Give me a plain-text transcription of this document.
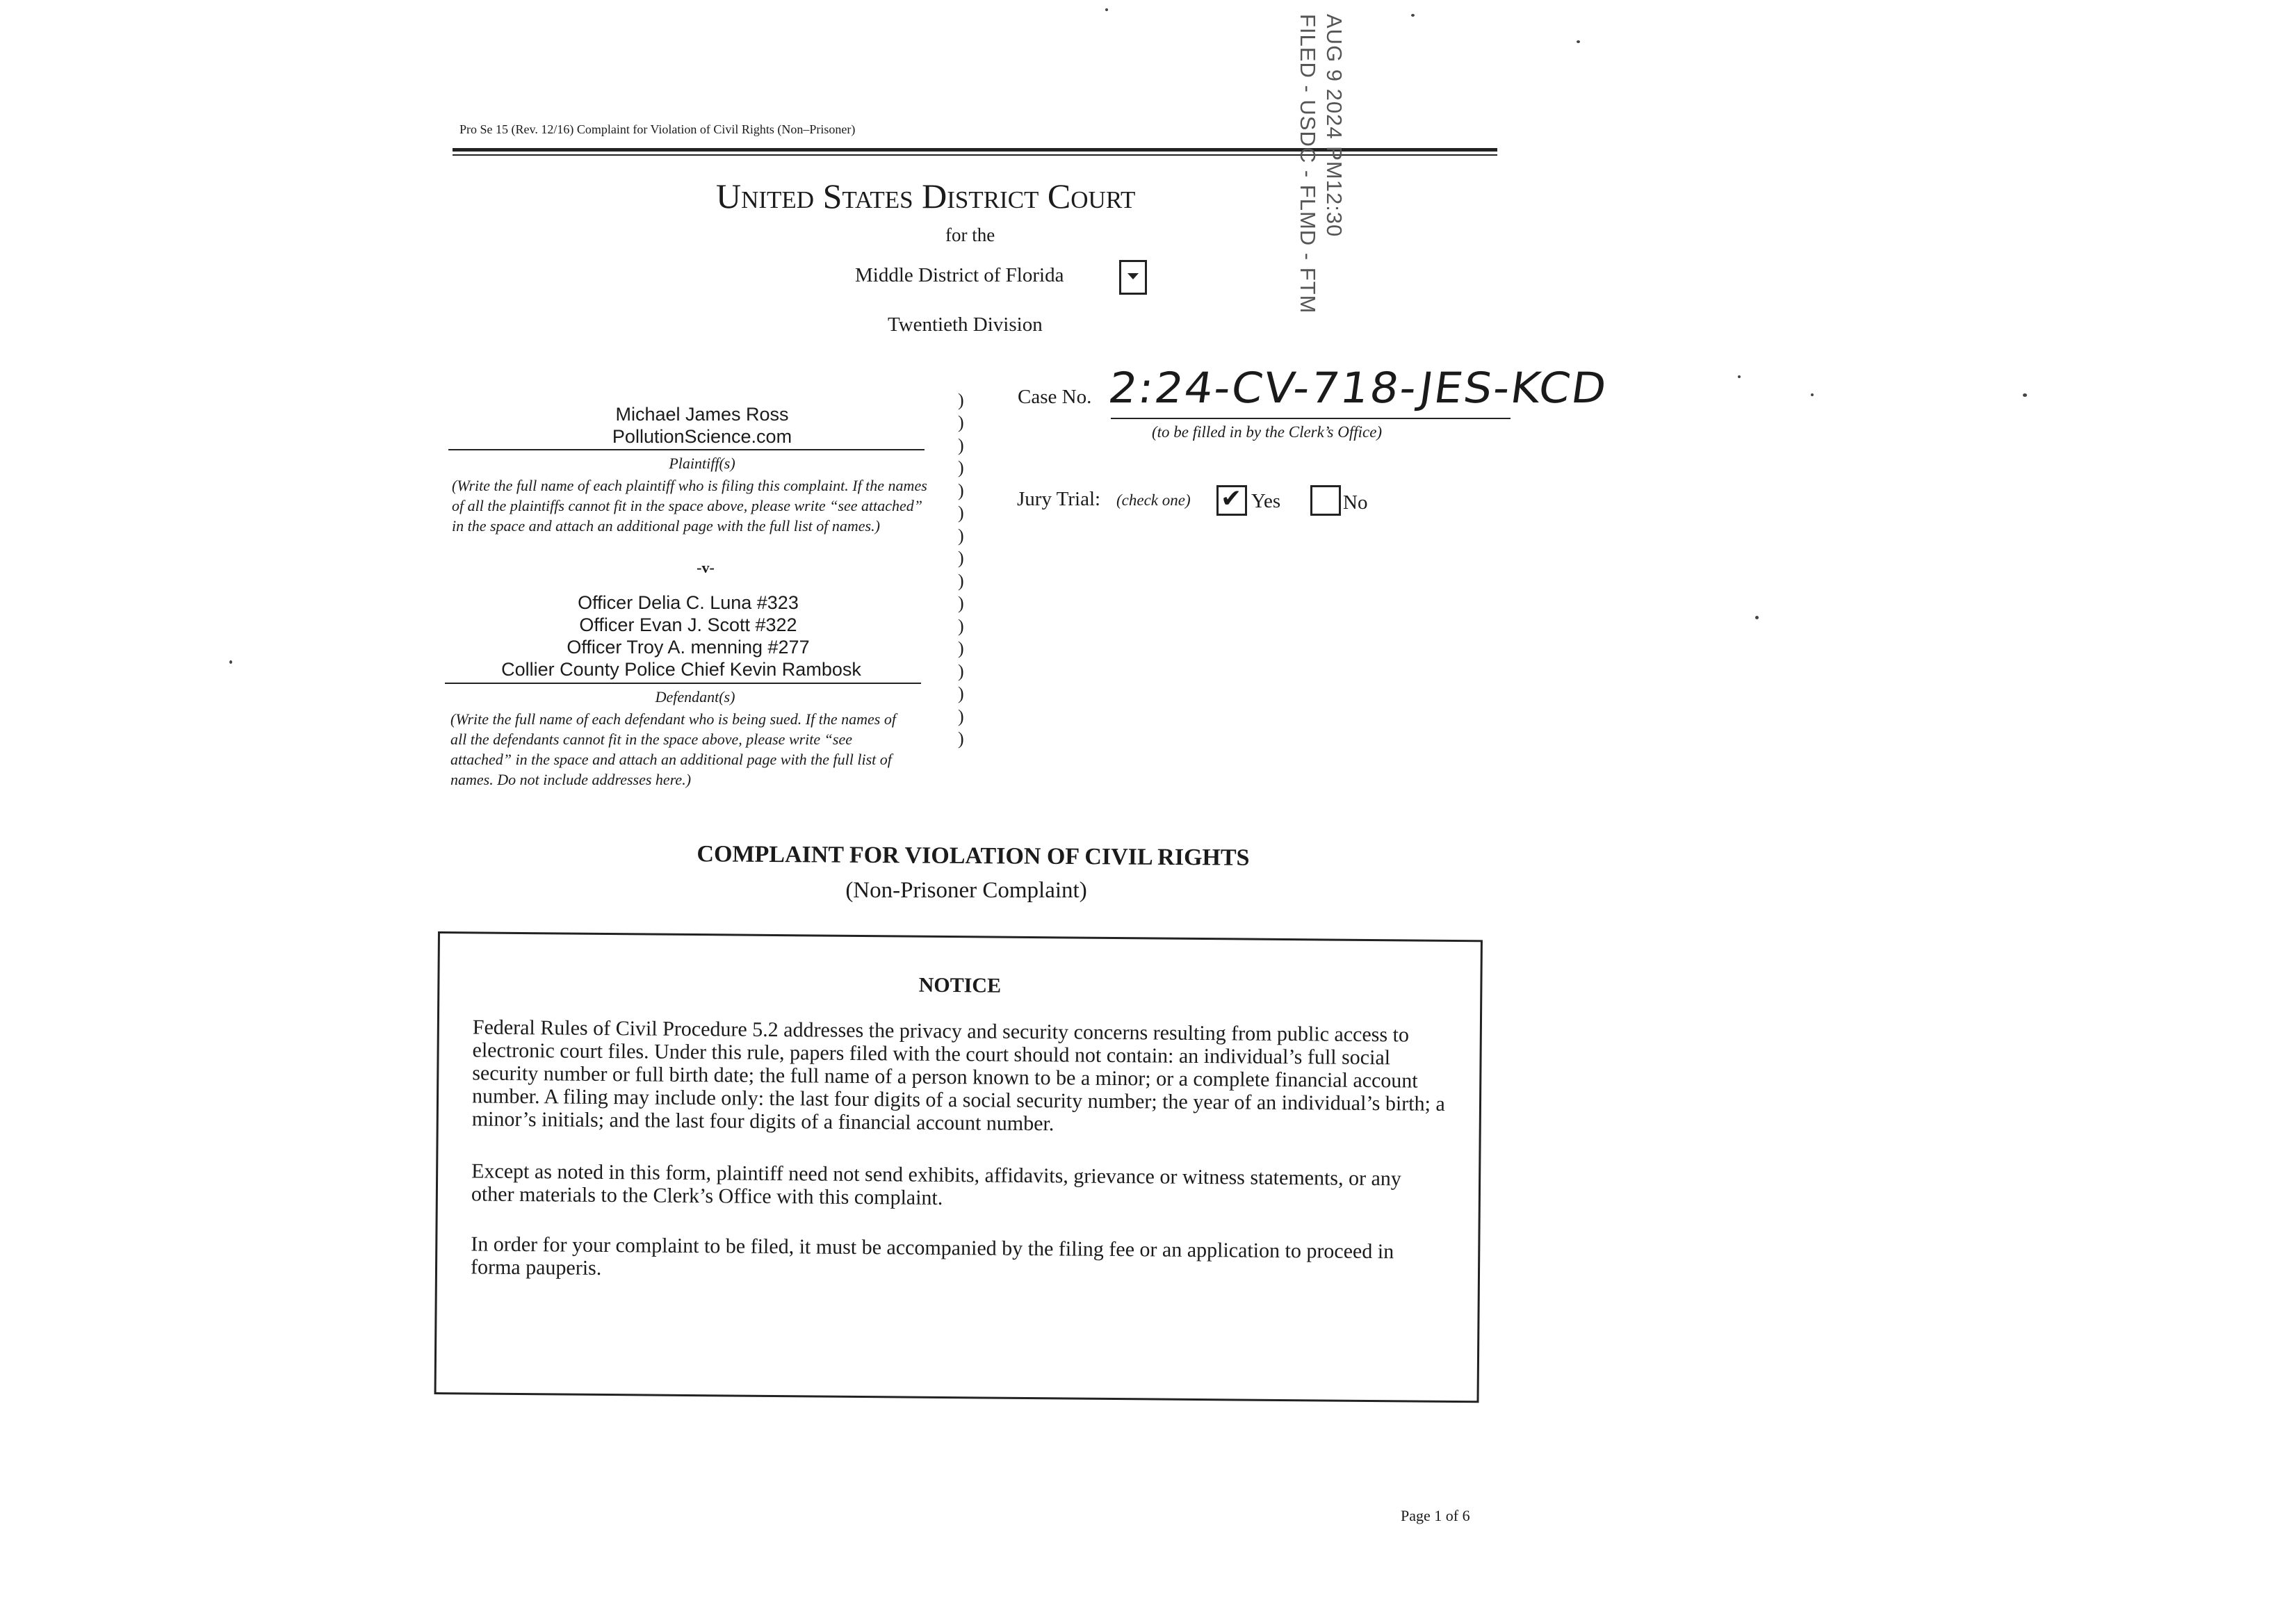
Pro Se 15 (Rev. 12/16) Complaint for Violation of Civil Rights (Non–Prisoner)	AUG 9 2024 PM12:30
FILED - USDC - FLMD - FTM
United States District Court
for the
Middle District of Florida
Twentieth Division
Michael James Ross
PollutionScience.com
Plaintiff(s)
(Write the full name of each plaintiff who is filing this complaint. If the names of all the plaintiffs cannot fit in the space above, please write “see attached” in the space and attach an additional page with the full list of names.)
-v-
Officer Delia C. Luna #323
Officer Evan J. Scott #322
Officer Troy A. menning #277
Collier County Police Chief Kevin Rambosk
Defendant(s)
(Write the full name of each defendant who is being sued. If the names of all the defendants cannot fit in the space above, please write “see attached” in the space and attach an additional page with the full list of names. Do not include addresses here.)
)
)
)
)
)
)
)
)
)
)
)
)
)
)
)
)
Case No. 2:24-CV-718-JES-KCD
(to be filled in by the Clerk’s Office)
Jury Trial: (check one) ✔ Yes	No
COMPLAINT FOR VIOLATION OF CIVIL RIGHTS
(Non-Prisoner Complaint)
NOTICE
Federal Rules of Civil Procedure 5.2 addresses the privacy and security concerns resulting from public access to electronic court files. Under this rule, papers filed with the court should not contain: an individual’s full social security number or full birth date; the full name of a person known to be a minor; or a complete financial account number. A filing may include only: the last four digits of a social security number; the year of an individual’s birth; a minor’s initials; and the last four digits of a financial account number.
Except as noted in this form, plaintiff need not send exhibits, affidavits, grievance or witness statements, or any other materials to the Clerk’s Office with this complaint.
In order for your complaint to be filed, it must be accompanied by the filing fee or an application to proceed in forma pauperis.
Page 1 of 6
